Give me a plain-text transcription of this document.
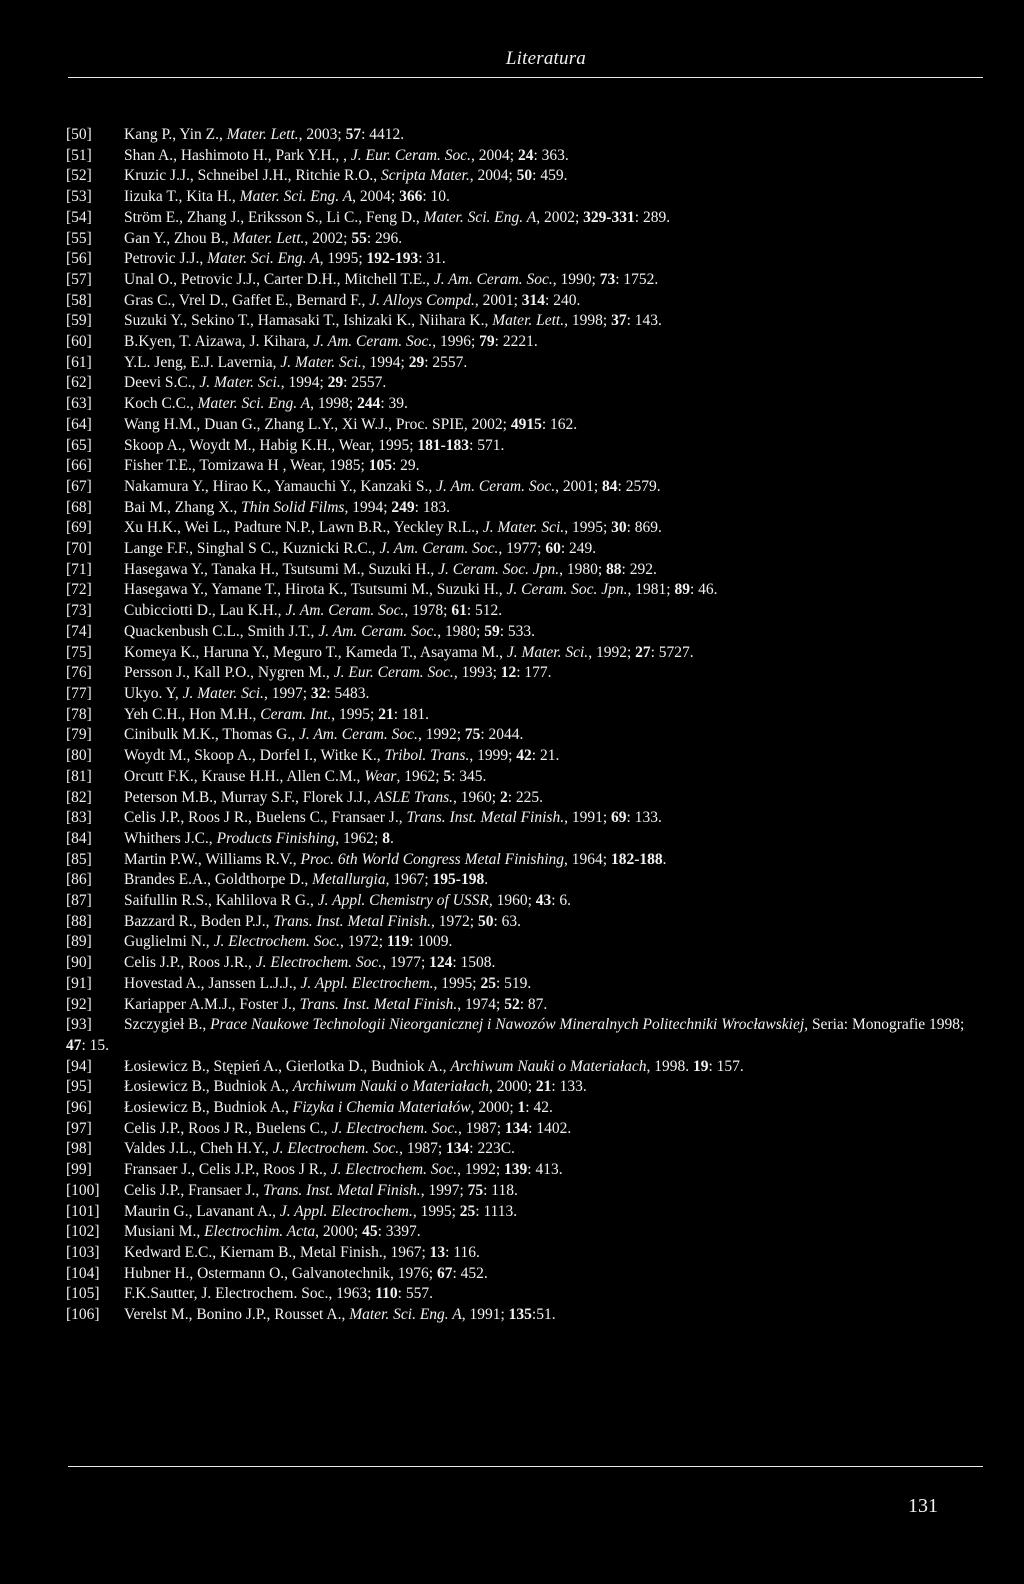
Literatura
[50]	Kang P., Yin Z., Mater. Lett., 2003; 57: 4412.
[51]	Shan A., Hashimoto H., Park Y.H., , J. Eur. Ceram. Soc., 2004; 24: 363.
[52]	Kruzic J.J., Schneibel J.H., Ritchie R.O., Scripta Mater., 2004; 50: 459.
[53]	Iizuka T., Kita H., Mater. Sci. Eng. A, 2004; 366: 10.
[54]	Ström E., Zhang J., Eriksson S., Li C., Feng D., Mater. Sci. Eng. A, 2002; 329-331: 289.
[55]	Gan Y., Zhou B., Mater. Lett., 2002; 55: 296.
[56]	Petrovic J.J., Mater. Sci. Eng. A, 1995; 192-193: 31.
[57]	Unal O., Petrovic J.J., Carter D.H., Mitchell T.E., J. Am. Ceram. Soc., 1990; 73: 1752.
[58]	Gras C., Vrel D., Gaffet E., Bernard F., J. Alloys Compd., 2001; 314: 240.
[59]	Suzuki Y., Sekino T., Hamasaki T., Ishizaki K., Niihara K., Mater. Lett., 1998; 37: 143.
[60]	B.Kyen, T. Aizawa, J. Kihara, J. Am. Ceram. Soc., 1996; 79: 2221.
[61]	Y.L. Jeng, E.J. Lavernia, J. Mater. Sci., 1994; 29: 2557.
[62]	Deevi S.C., J. Mater. Sci., 1994; 29: 2557.
[63]	Koch C.C., Mater. Sci. Eng. A, 1998; 244: 39.
[64]	Wang H.M., Duan G., Zhang L.Y., Xi W.J., Proc. SPIE, 2002; 4915: 162.
[65]	Skoop A., Woydt M., Habig K.H., Wear, 1995; 181-183: 571.
[66]	Fisher T.E., Tomizawa H , Wear, 1985; 105: 29.
[67]	Nakamura Y., Hirao K., Yamauchi Y., Kanzaki S., J. Am. Ceram. Soc., 2001; 84: 2579.
[68]	Bai M., Zhang X., Thin Solid Films, 1994; 249: 183.
[69]	Xu H.K., Wei L., Padture N.P., Lawn B.R., Yeckley R.L., J. Mater. Sci., 1995; 30: 869.
[70]	Lange F.F., Singhal S C., Kuznicki R.C., J. Am. Ceram. Soc., 1977; 60: 249.
[71]	Hasegawa Y., Tanaka H., Tsutsumi M., Suzuki H., J. Ceram. Soc. Jpn., 1980; 88: 292.
[72]	Hasegawa Y., Yamane T., Hirota K., Tsutsumi M., Suzuki H., J. Ceram. Soc. Jpn., 1981; 89: 46.
[73]	Cubicciotti D., Lau K.H., J. Am. Ceram. Soc., 1978; 61: 512.
[74]	Quackenbush C.L., Smith J.T., J. Am. Ceram. Soc., 1980; 59: 533.
[75]	Komeya K., Haruna Y., Meguro T., Kameda T., Asayama M., J. Mater. Sci., 1992; 27: 5727.
[76]	Persson J., Kall P.O., Nygren M., J. Eur. Ceram. Soc., 1993; 12: 177.
[77]	Ukyo. Y, J. Mater. Sci., 1997; 32: 5483.
[78]	Yeh C.H., Hon M.H., Ceram. Int., 1995; 21: 181.
[79]	Cinibulk M.K., Thomas G., J. Am. Ceram. Soc., 1992; 75: 2044.
[80]	Woydt M., Skoop A., Dorfel I., Witke K., Tribol. Trans., 1999; 42: 21.
[81]	Orcutt F.K., Krause H.H., Allen C.M., Wear, 1962; 5: 345.
[82]	Peterson M.B., Murray S.F., Florek J.J., ASLE Trans., 1960; 2: 225.
[83]	Celis J.P., Roos J R., Buelens C., Fransaer J., Trans. Inst. Metal Finish., 1991; 69: 133.
[84]	Whithers J.C., Products Finishing, 1962; 8.
[85]	Martin P.W., Williams R.V., Proc. 6th World Congress Metal Finishing, 1964; 182-188.
[86]	Brandes E.A., Goldthorpe D., Metallurgia, 1967; 195-198.
[87]	Saifullin R.S., Kahlilova R G., J. Appl. Chemistry of USSR, 1960; 43: 6.
[88]	Bazzard R., Boden P.J., Trans. Inst. Metal Finish., 1972; 50: 63.
[89]	Guglielmi N., J. Electrochem. Soc., 1972; 119: 1009.
[90]	Celis J.P., Roos J.R., J. Electrochem. Soc., 1977; 124: 1508.
[91]	Hovestad A., Janssen L.J.J., J. Appl. Electrochem., 1995; 25: 519.
[92]	Kariapper A.M.J., Foster J., Trans. Inst. Metal Finish., 1974; 52: 87.
[93] Szczygieł B., Prace Naukowe Technologii Nieorganicznej i Nawozów Mineralnych Politechniki Wrocławskiej, Seria: Monografie 1998; 47: 15.
[94]	Łosiewicz B., Stępień A., Gierlotka D., Budniok A., Archiwum Nauki o Materiałach, 1998. 19: 157.
[95]	Łosiewicz B., Budniok A., Archiwum Nauki o Materiałach, 2000; 21: 133.
[96]	Łosiewicz B., Budniok A., Fizyka i Chemia Materiałów, 2000; 1: 42.
[97]	Celis J.P., Roos J R., Buelens C., J. Electrochem. Soc., 1987; 134: 1402.
[98]	Valdes J.L., Cheh H.Y., J. Electrochem. Soc., 1987; 134: 223C.
[99]	Fransaer J., Celis J.P., Roos J R., J. Electrochem. Soc., 1992; 139: 413.
[100]	Celis J.P., Fransaer J., Trans. Inst. Metal Finish., 1997; 75: 118.
[101]	Maurin G., Lavanant A., J. Appl. Electrochem., 1995; 25: 1113.
[102]	Musiani M., Electrochim. Acta, 2000; 45: 3397.
[103]	Kedward E.C., Kiernam B., Metal Finish., 1967; 13: 116.
[104]	Hubner H., Ostermann O., Galvanotechnik, 1976; 67: 452.
[105]	F.K.Sautter, J. Electrochem. Soc., 1963; 110: 557.
[106]	Verelst M., Bonino J.P., Rousset A., Mater. Sci. Eng. A, 1991; 135:51.
131
